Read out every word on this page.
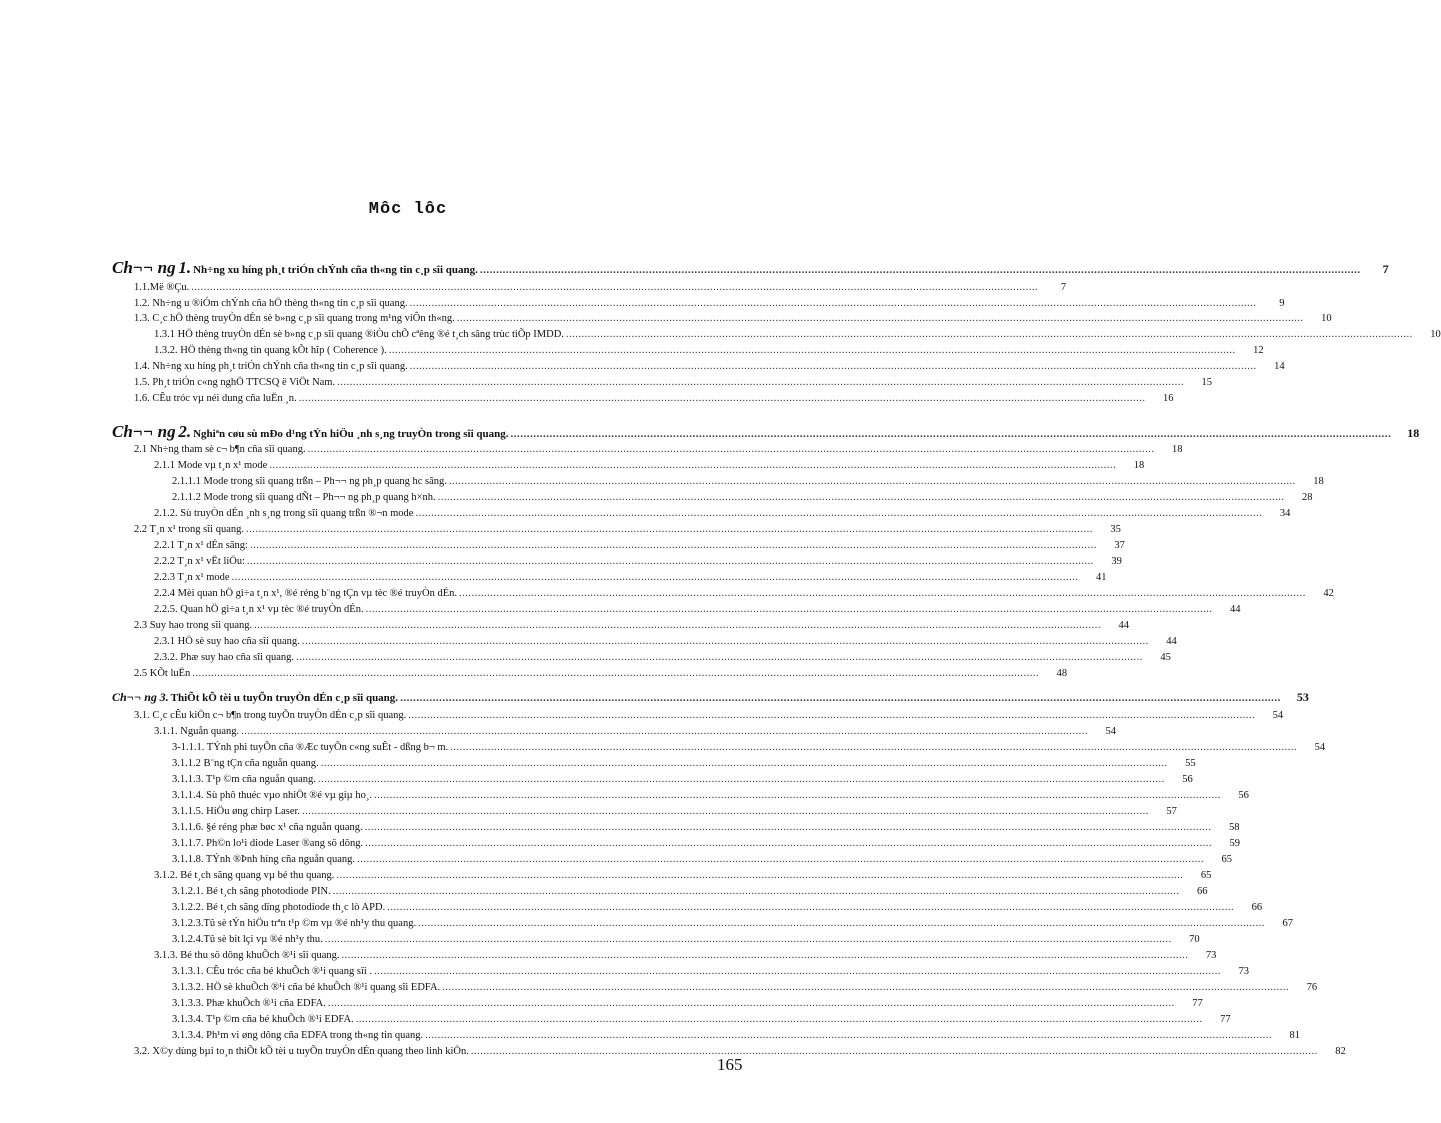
Môc lôc
Ch¬¬ ng 1. Nh÷ng xu híng ph¸t triÓn chÝnh cña th«ng tin c¸p sîi quang. .....	7
1.1.Më ®Çu. .....	7
1.2. Nh÷ng u ®iÓm chÝnh cña hÖ thèng th«ng tin c¸p sîi quang. .....	9
1.3. C¸c hÖ thèng truyÒn dÉn sè b»ng c¸p sîi quang trong m¹ng viÔn th«ng. .....	10
1.3.1 HÖ thèng truyÒn dÉn sè b»ng c¸p sîi quang ®iÒu chÕ cªêng ®é t¸ch sãng trùc tiÕp IMDD. .....	10
1.3.2. HÖ thèng th«ng tin quang kÕt hîp ( Coherence ). .....	12
1.4. Nh÷ng xu híng ph¸t triÓn chÝnh cña th«ng tin c¸p sîi quang. .....	14
1.5. Ph¸t triÓn c«ng nghÖ TTCSQ ë ViÖt Nam. .....	15
1.6. CÊu tróc vµ néi dung cña luËn ¸n. .....	16
Ch¬¬ ng 2. Nghiªn cøu sù mÐo d¹ng tÝn hiÖu ¸nh s¸ng truyÒn trong sîi quang. .....	18
2.1 Nh÷ng tham sè c¬ b¶n cña sîi quang. .....	18
2.1.1 Mode vµ t¸n x¹ mode .....	18
2.1.1.1 Mode trong sîi quang trßn – Ph¬¬ ng ph¸p quang hc sãng. .....	18
2.1.1.2 Mode trong sîi quang dÑt – Ph¬¬ ng ph¸p quang h×nh. .....	28
2.1.2. Sù truyÒn dÉn ¸nh s¸ng trong sîi quang trßn ®¬n mode .....	34
2.2 T¸n x¹ trong sîi quang. .....	35
2.2.1 T¸n x¹ dÉn sãng: .....	37
2.2.2 T¸n x¹ vËt liÖu: .....	39
2.2.3 T¸n x¹ mode .....	41
2.2.4 Mèi quan hÖ gi÷a t¸n x¹, ®é réng b¨ng tÇn vµ tèc ®é truyÒn dÉn. .....	42
2.2.5. Quan hÖ gi÷a t¸n x¹ vµ tèc ®é truyÒn dÉn. .....	44
2.3 Suy hao trong sîi quang. .....	44
2.3.1 HÖ sè suy hao cña sîi quang. .....	44
2.3.2. Phæ suy hao cña sîi quang. .....	45
2.5 KÕt luËn .....	48
Ch¬¬ ng 3. ThiÕt kÕ tèi u tuyÕn truyÒn dÉn c¸p sîi quang. .....	53
3.1. C¸c cÊu kiÖn c¬ b¶n trong tuyÕn truyÒn dÉn c¸p sîi quang. .....	54
3.1.1. Nguån quang. .....	54
3-1.1.1. TÝnh phi tuyÕn cña ®Æc tuyÕn c«ng suÊt - dßng b¬ m. .....	54
3.1.1.2 B¨ng tÇn cña nguån quang. .....	55
3.1.1.3. T¹p ©m cña nguån quang. .....	56
3.1.1.4. Sù phô thuéc vµo nhiÖt ®é vµ giµ ho¸. .....	56
3.1.1.5. HiÖu øng chirp Laser. .....	57
3.1.1.6. §é réng phæ bøc x¹ cña nguån quang. .....	58
3.1.1.7. Ph©n lo¹i diode Laser ®ang sö dông. .....	59
3.1.1.8. TÝnh ®Þnh híng cña nguån quang. .....	65
3.1.2. Bé t¸ch sãng quang vµ bé thu quang. .....	65
3.1.2.1. Bé t¸ch sãng photodiode PIN. .....	66
3.1.2.2. Bé t¸ch sãng dïng photodiode th¸c lò APD. .....	66
3.1.2.3.Tû sè tÝn hiÖu trªn t¹p ©m vµ ®é nh¹y thu quang. .....	67
3.1.2.4.Tû sè bit lçi vµ ®é nh¹y thu. .....	70
3.1.3. Bé thu sö dông khuÕch ®¹i sîi quang. .....	73
3.1.3.1. CÊu tróc cña bé khuÕch ®¹i quang sîi . .....	73
3.1.3.2. HÖ sè khuÕch ®¹i cña bé khuÕch ®¹i quang sîi EDFA. .....	76
3.1.3.3. Phæ khuÕch ®¹i cña EDFA. .....	77
3.1.3.4. T¹p ©m cña bé khuÕch ®¹i EDFA. .....	77
3.1.3.4. Ph¹m vi øng dông cña EDFA trong th«ng tin quang. .....	81
3.2. X©y dùng bµi to¸n thiÕt kÕ tèi u tuyÕn truyÒn dÉn quang theo linh kiÖn. .....	82
165
